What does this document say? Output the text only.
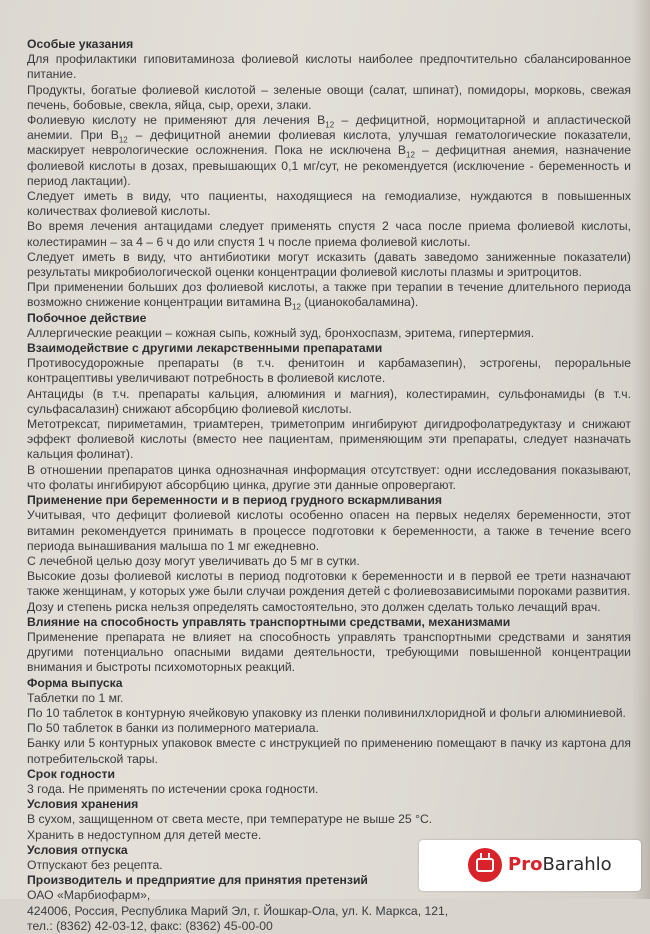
Особые указания
Для профилактики гиповитаминоза фолиевой кислоты наиболее предпочтительно сбалансированное питание.
Продукты, богатые фолиевой кислотой – зеленые овощи (салат, шпинат), помидоры, морковь, свежая печень, бобовые, свекла, яйца, сыр, орехи, злаки.
Фолиевую кислоту не применяют для лечения $В_{12}$ – дефицитной, нормоцитарной и апластической анемии. При $В_{12}$ – дефицитной анемии фолиевая кислота, улучшая гематологические показатели, маскирует неврологические осложнения. Пока не исключена $В_{12}$ – дефицитная анемия, назначение фолиевой кислоты в дозах, превышающих 0,1 мг/сут, не рекомендуется (исключение - беременность и период лактации).
Следует иметь в виду, что пациенты, находящиеся на гемодиализе, нуждаются в повышенных количествах фолиевой кислоты.
Во время лечения антацидами следует применять спустя 2 часа после приема фолиевой кислоты, колестирамин – за 4 – 6 ч до или спустя 1 ч после приема фолиевой кислоты.
Следует иметь в виду, что антибиотики могут исказить (давать заведомо заниженные показатели) результаты микробиологической оценки концентрации фолиевой кислоты плазмы и эритроцитов.
При применении больших доз фолиевой кислоты, а также при терапии в течение длительного периода возможно снижение концентрации витамина $В_{12}$ (цианокобаламина).
Побочное действие
Аллергические реакции – кожная сыпь, кожный зуд, бронхоспазм, эритема, гипертермия.
Взаимодействие с другими лекарственными препаратами
Противосудорожные препараты (в т.ч. фенитоин и карбамазепин), эстрогены, пероральные контрацептивы увеличивают потребность в фолиевой кислоте.
Антациды (в т.ч. препараты кальция, алюминия и магния), колестирамин, сульфонамиды (в т.ч. сульфасалазин) снижают абсорбцию фолиевой кислоты.
Метотрексат, пириметамин, триамтерен, триметоприм ингибируют дигидрофолатредуктазу и снижают эффект фолиевой кислоты (вместо нее пациентам, применяющим эти препараты, следует назначать кальция фолинат).
В отношении препаратов цинка однозначная информация отсутствует: одни исследования показывают, что фолаты ингибируют абсорбцию цинка, другие эти данные опровергают.
Применение при беременности и в период грудного вскармливания
Учитывая, что дефицит фолиевой кислоты особенно опасен на первых неделях беременности, этот витамин рекомендуется принимать в процессе подготовки к беременности, а также в течение всего периода вынашивания малыша по 1 мг ежедневно.
С лечебной целью дозу могут увеличивать до 5 мг в сутки.
Высокие дозы фолиевой кислоты в период подготовки к беременности и в первой ее трети назначают также женщинам, у которых уже были случаи рождения детей с фолиевозависимыми пороками развития.
Дозу и степень риска нельзя определять самостоятельно, это должен сделать только лечащий врач.
Влияние на способность управлять транспортными средствами, механизмами
Применение препарата не влияет на способность управлять транспортными средствами и занятия другими потенциально опасными видами деятельности, требующими повышенной концентрации внимания и быстроты психомоторных реакций.
Форма выпуска
Таблетки по 1 мг.
По 10 таблеток в контурную ячейковую упаковку из пленки поливинилхлоридной и фольги алюминиевой.
По 50 таблеток в банки из полимерного материала.
Банку или 5 контурных упаковок вместе с инструкцией по применению помещают в пачку из картона для потребительской тары.
Срок годности
3 года. Не применять по истечении срока годности.
Условия хранения
В сухом, защищенном от света месте, при температуре не выше 25 °С.
Хранить в недоступном для детей месте.
Условия отпуска
Отпускают без рецепта.
Производитель и предприятие для принятия претензий
ОАО «Марбиофарм»,
424006, Россия, Республика Марий Эл, г. Йошкар-Ола, ул. К. Маркса, 121,
тел.: (8362) 42-03-12, факс: (8362) 45-00-00
ProBarahlo
